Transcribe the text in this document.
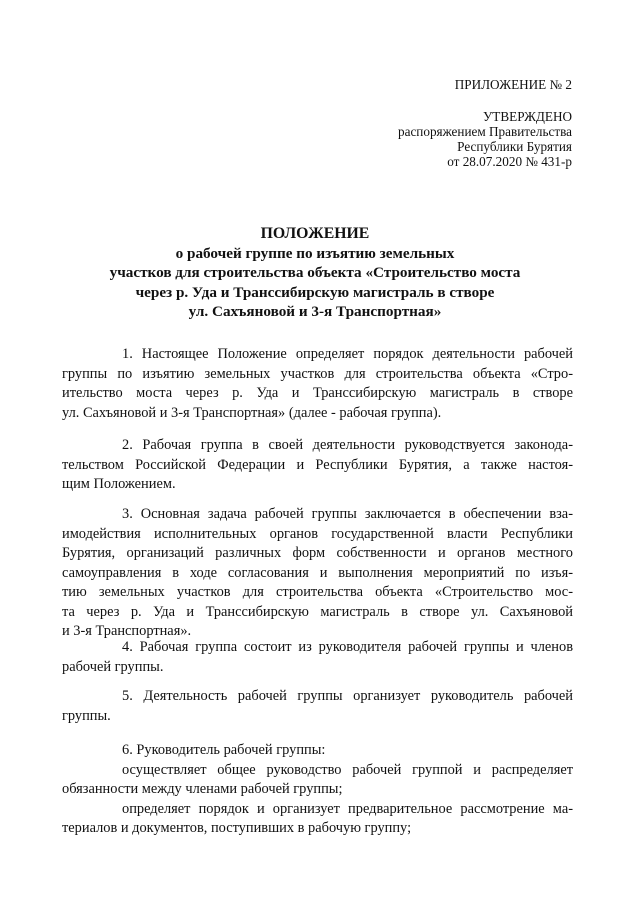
ПРИЛОЖЕНИЕ № 2
УТВЕРЖДЕНО
распоряжением Правительства
Республики Бурятия
от 28.07.2020 № 431-р
ПОЛОЖЕНИЕ
о рабочей группе по изъятию земельных
участков для строительства объекта «Строительство моста
через р. Уда и Транссибирскую магистраль в створе
ул. Сахъяновой и 3-я Транспортная»
1. Настоящее Положение определяет порядок деятельности рабочей
группы по изъятию земельных участков для строительства объекта «Стро-
ительство моста через р. Уда и Транссибирскую магистраль в створе
ул. Сахъяновой и 3-я Транспортная» (далее - рабочая группа).
2. Рабочая группа в своей деятельности руководствуется законода-
тельством Российской Федерации и Республики Бурятия, а также настоя-
щим Положением.
3. Основная задача рабочей группы заключается в обеспечении вза-
имодействия исполнительных органов государственной власти Республики
Бурятия, организаций различных форм собственности и органов местного
самоуправления в ходе согласования и выполнения мероприятий по изъя-
тию земельных участков для строительства объекта «Строительство мос-
та через р. Уда и Транссибирскую магистраль в створе ул. Сахъяновой
и 3-я Транспортная».
4. Рабочая группа состоит из руководителя рабочей группы и членов
рабочей группы.
5. Деятельность рабочей группы организует руководитель рабочей
группы.
6. Руководитель рабочей группы:
осуществляет общее руководство рабочей группой и распределяет
обязанности между членами рабочей группы;
определяет порядок и организует предварительное рассмотрение ма-
териалов и документов, поступивших в рабочую группу;
